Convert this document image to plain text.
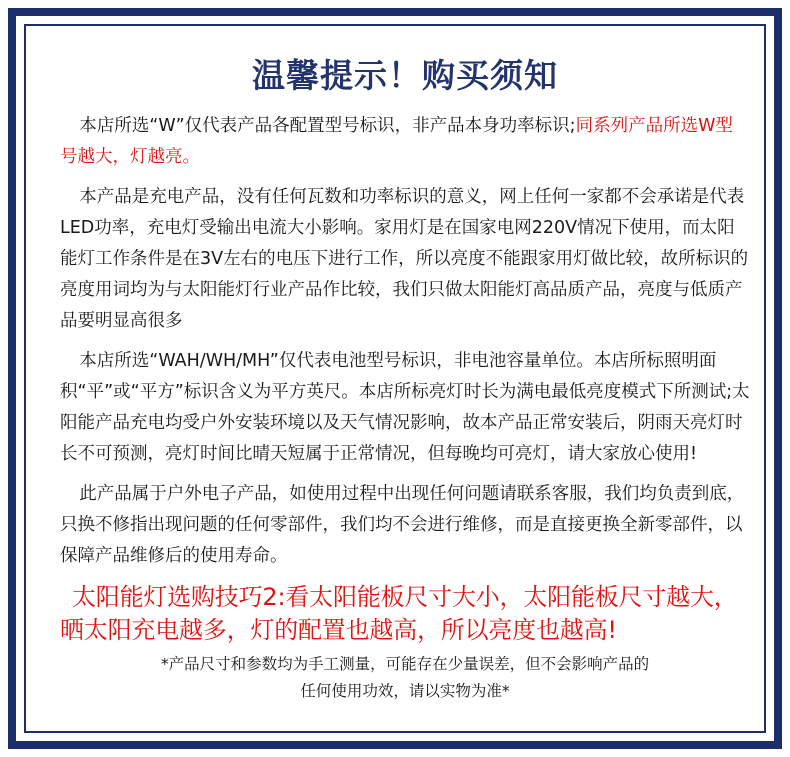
温馨提示！购买须知

本店所选“W”仅代表产品各配置型号标识，非产品本身功率标识;同系列产品所选W型号越大，灯越亮。

本产品是充电产品，没有任何瓦数和功率标识的意义，网上任何一家都不会承诺是代表LED功率，充电灯受输出电流大小影响。家用灯是在国家电网220V情况下使用，而太阳能灯工作条件是在3V左右的电压下进行工作，所以亮度不能跟家用灯做比较，故所标识的亮度用词均为与太阳能灯行业产品作比较，我们只做太阳能灯高品质产品，亮度与低质产品要明显高很多

本店所选“WAH/WH/MH”仅代表电池型号标识，非电池容量单位。本店所标照明面积“平”或“平方”标识含义为平方英尺。本店所标亮灯时长为满电最低亮度模式下所测试;太阳能产品充电均受户外安装环境以及天气情况影响，故本产品正常安装后，阴雨天亮灯时长不可预测，亮灯时间比晴天短属于正常情况，但每晚均可亮灯，请大家放心使用!

此产品属于户外电子产品，如使用过程中出现任何问题请联系客服，我们均负责到底，只换不修指出现问题的任何零部件，我们均不会进行维修，而是直接更换全新零部件，以保障产品维修后的使用寿命。

太阳能灯选购技巧2:看太阳能板尺寸大小，太阳能板尺寸越大，晒太阳充电越多，灯的配置也越高，所以亮度也越高!

*产品尺寸和参数均为手工测量，可能存在少量误差，但不会影响产品的
任何使用功效，请以实物为准*
